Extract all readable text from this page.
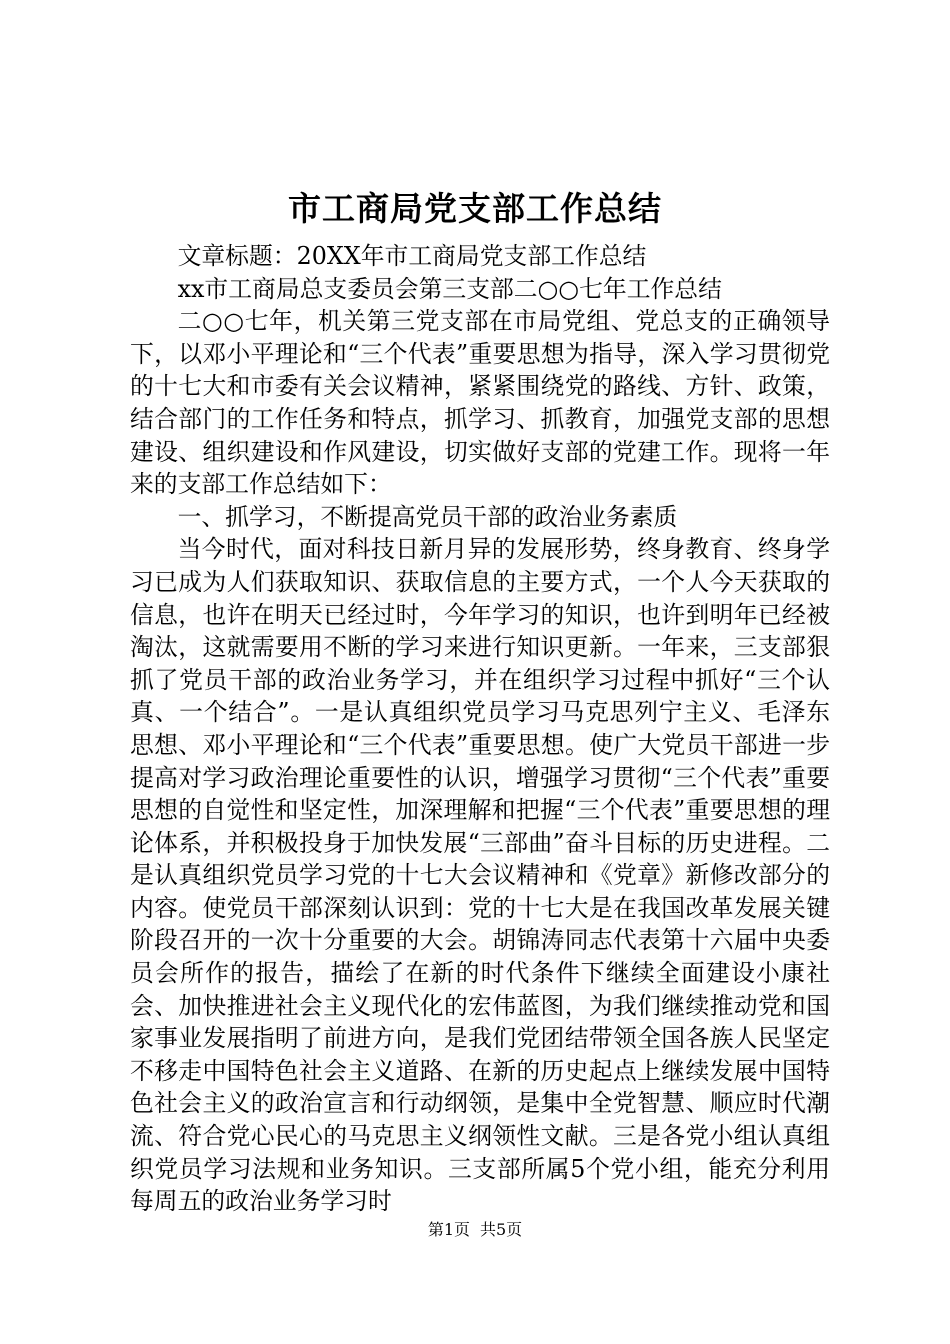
市工商局党支部工作总结

文章标题：20XX年市工商局党支部工作总结

xx市工商局总支委员会第三支部二○○七年工作总结

二○○七年，机关第三党支部在市局党组、党总支的正确领导下，以邓小平理论和“三个代表”重要思想为指导，深入学习贯彻党的十七大和市委有关会议精神，紧紧围绕党的路线、方针、政策，结合部门的工作任务和特点，抓学习、抓教育，加强党支部的思想建设、组织建设和作风建设，切实做好支部的党建工作。现将一年来的支部工作总结如下：

一、抓学习，不断提高党员干部的政治业务素质

当今时代，面对科技日新月异的发展形势，终身教育、终身学习已成为人们获取知识、获取信息的主要方式，一个人今天获取的信息，也许在明天已经过时，今年学习的知识，也许到明年已经被淘汰，这就需要用不断的学习来进行知识更新。一年来，三支部狠抓了党员干部的政治业务学习，并在组织学习过程中抓好“三个认真、一个结合”。一是认真组织党员学习马克思列宁主义、毛泽东思想、邓小平理论和“三个代表”重要思想。使广大党员干部进一步提高对学习政治理论重要性的认识，增强学习贯彻“三个代表”重要思想的自觉性和坚定性，加深理解和把握“三个代表”重要思想的理论体系，并积极投身于加快发展“三部曲”奋斗目标的历史进程。二是认真组织党员学习党的十七大会议精神和《党章》新修改部分的内容。使党员干部深刻认识到：党的十七大是在我国改革发展关键阶段召开的一次十分重要的大会。胡锦涛同志代表第十六届中央委员会所作的报告，描绘了在新的时代条件下继续全面建设小康社会、加快推进社会主义现代化的宏伟蓝图，为我们继续推动党和国家事业发展指明了前进方向，是我们党团结带领全国各族人民坚定不移走中国特色社会主义道路、在新的历史起点上继续发展中国特色社会主义的政治宣言和行动纲领，是集中全党智慧、顺应时代潮流、符合党心民心的马克思主义纲领性文献。三是各党小组认真组织党员学习法规和业务知识。三支部所属5个党小组，能充分利用每周五的政治业务学习时

第1页 共5页
